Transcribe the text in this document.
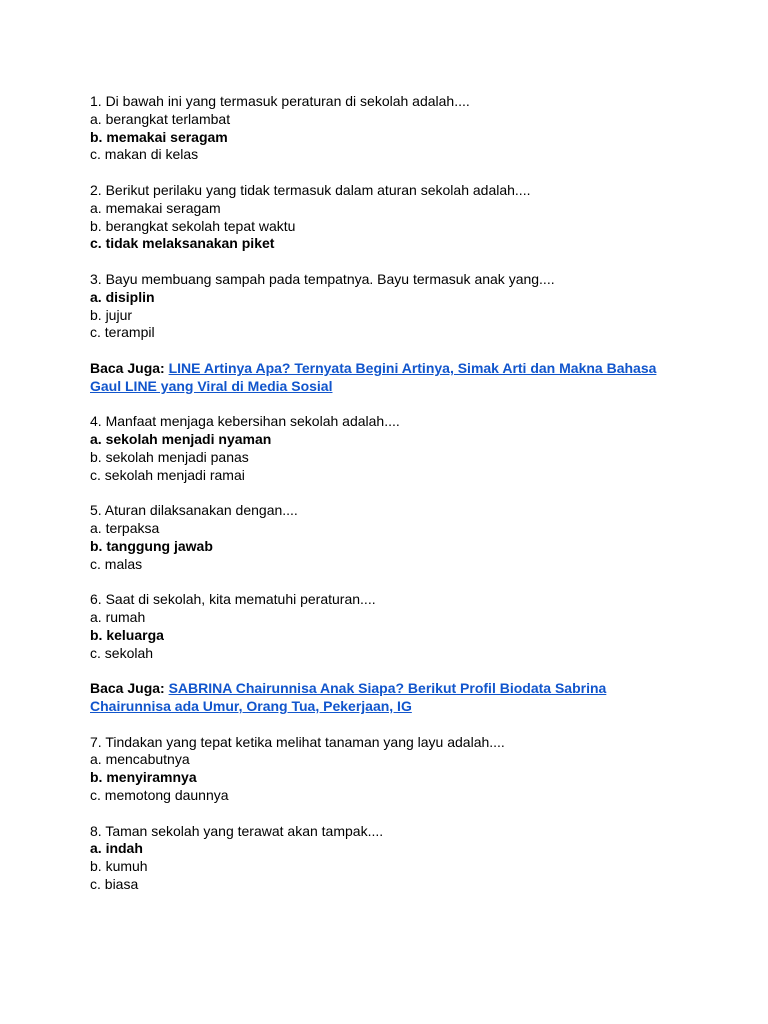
1. Di bawah ini yang termasuk peraturan di sekolah adalah....
a. berangkat terlambat
b. memakai seragam
c. makan di kelas
2. Berikut perilaku yang tidak termasuk dalam aturan sekolah adalah....
a. memakai seragam
b. berangkat sekolah tepat waktu
c. tidak melaksanakan piket
3. Bayu membuang sampah pada tempatnya. Bayu termasuk anak yang....
a. disiplin
b. jujur
c. terampil
Baca Juga: LINE Artinya Apa? Ternyata Begini Artinya, Simak Arti dan Makna Bahasa Gaul LINE yang Viral di Media Sosial
4. Manfaat menjaga kebersihan sekolah adalah....
a. sekolah menjadi nyaman
b. sekolah menjadi panas
c. sekolah menjadi ramai
5. Aturan dilaksanakan dengan....
a. terpaksa
b. tanggung jawab
c. malas
6. Saat di sekolah, kita mematuhi peraturan....
a. rumah
b. keluarga
c. sekolah
Baca Juga: SABRINA Chairunnisa Anak Siapa? Berikut Profil Biodata Sabrina Chairunnisa ada Umur, Orang Tua, Pekerjaan, IG
7. Tindakan yang tepat ketika melihat tanaman yang layu adalah....
a. mencabutnya
b. menyiramnya
c. memotong daunnya
8. Taman sekolah yang terawat akan tampak....
a. indah
b. kumuh
c. biasa
